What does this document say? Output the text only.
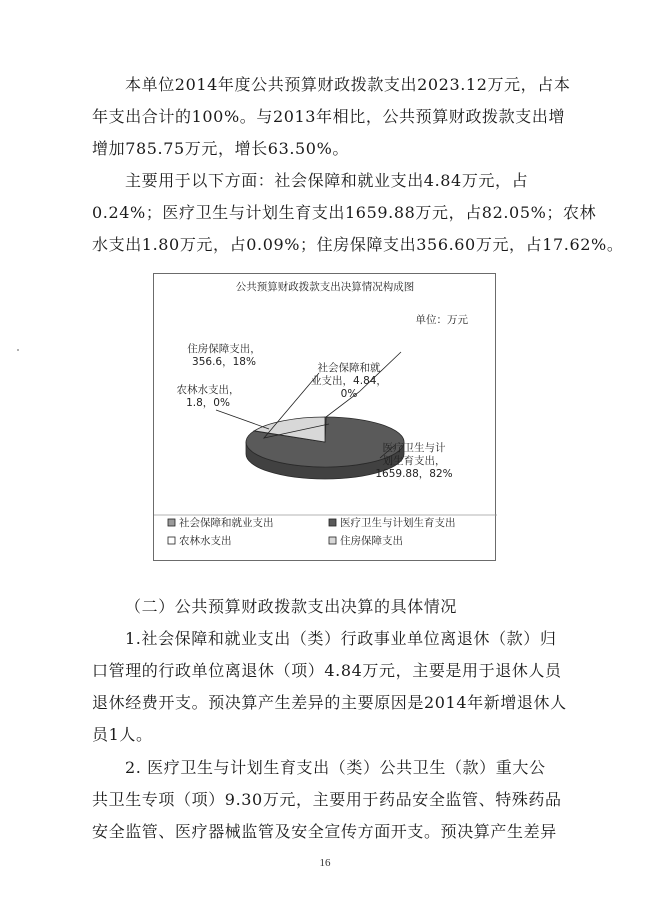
本单位2014年度公共预算财政拨款支出2023.12万元，占本
年支出合计的100%。与2013年相比，公共预算财政拨款支出增
增加785.75万元，增长63.50%。
主要用于以下方面：社会保障和就业支出4.84万元，占
0.24%；医疗卫生与计划生育支出1659.88万元，占82.05%；农林
水支出1.80万元，占0.09%；住房保障支出356.60万元，占17.62%。
公共预算财政拨款支出决算情况构成图
单位：万元
社会保障和就业支出，4.84， 0%
医疗卫生与计划生育支出， 1659.88，82%
农林水支出， 1.8，0%
住房保障支出， 356.6，18%
社会保障和就业支出	医疗卫生与计划生育支出
农林水支出	住房保障支出
（二）公共预算财政拨款支出决算的具体情况
1.社会保障和就业支出（类）行政事业单位离退休（款）归
口管理的行政单位离退休（项）4.84万元，主要是用于退休人员
退休经费开支。预决算产生差异的主要原因是2014年新增退休人
员1人。
2. 医疗卫生与计划生育支出（类）公共卫生（款）重大公
共卫生专项（项）9.30万元，主要用于药品安全监管、特殊药品
安全监管、医疗器械监管及安全宣传方面开支。预决算产生差异
16
